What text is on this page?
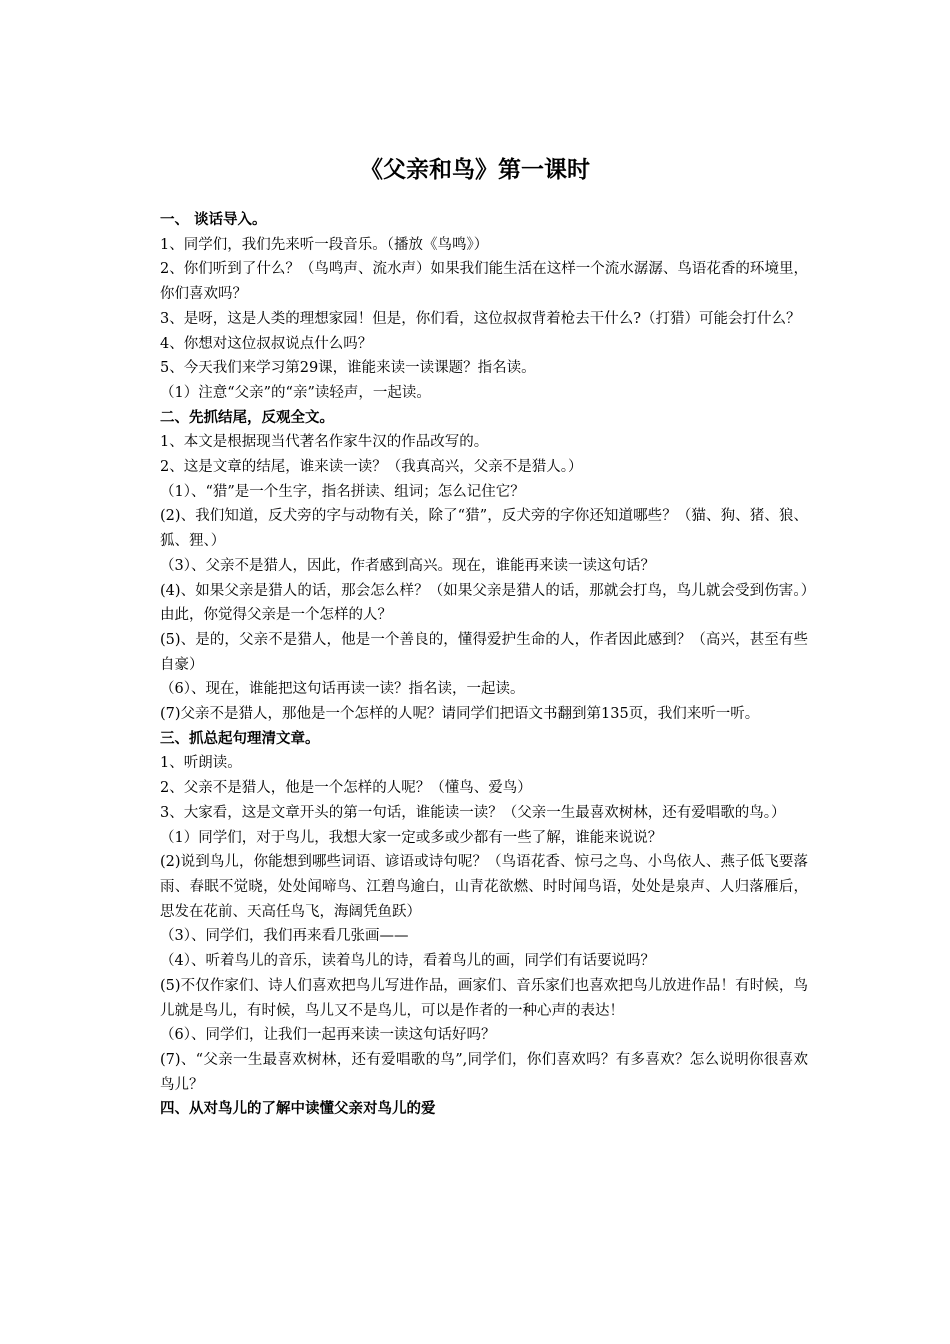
《父亲和鸟》第一课时

一、 谈话导入。

1、同学们，我们先来听一段音乐。（播放《鸟鸣》）

2、你们听到了什么？（鸟鸣声、流水声）如果我们能生活在这样一个流水潺潺、鸟语花香的环境里，你们喜欢吗？

3、是呀，这是人类的理想家园！但是，你们看，这位叔叔背着枪去干什么?（打猎）可能会打什么？

4、你想对这位叔叔说点什么吗？

5、今天我们来学习第29课，谁能来读一读课题？指名读。

（1）注意“父亲”的“亲”读轻声，一起读。

二、先抓结尾，反观全文。

1、本文是根据现当代著名作家牛汉的作品改写的。

2、这是文章的结尾，谁来读一读？（我真高兴，父亲不是猎人。）

（1）、“猎”是一个生字，指名拼读、组词；怎么记住它？

(2)、我们知道，反犬旁的字与动物有关，除了“猎”，反犬旁的字你还知道哪些？（猫、狗、猪、狼、狐、狸、）

（3）、父亲不是猎人，因此，作者感到高兴。现在，谁能再来读一读这句话？

(4)、如果父亲是猎人的话，那会怎么样？（如果父亲是猎人的话，那就会打鸟，鸟儿就会受到伤害。）由此，你觉得父亲是一个怎样的人？

(5)、是的，父亲不是猎人，他是一个善良的，懂得爱护生命的人，作者因此感到？（高兴，甚至有些自豪）

（6）、现在，谁能把这句话再读一读？指名读，一起读。

(7)父亲不是猎人，那他是一个怎样的人呢？请同学们把语文书翻到第135页，我们来听一听。

三、抓总起句理清文章。

1、听朗读。

2、父亲不是猎人，他是一个怎样的人呢？（懂鸟、爱鸟）

3、大家看，这是文章开头的第一句话，谁能读一读？（父亲一生最喜欢树林，还有爱唱歌的鸟。）

（1）同学们，对于鸟儿，我想大家一定或多或少都有一些了解，谁能来说说？

(2)说到鸟儿，你能想到哪些词语、谚语或诗句呢？（鸟语花香、惊弓之鸟、小鸟依人、燕子低飞要落雨、春眠不觉晓，处处闻啼鸟、江碧鸟逾白，山青花欲燃、时时闻鸟语，处处是泉声、人归落雁后，思发在花前、天高任鸟飞，海阔凭鱼跃）

（3）、同学们，我们再来看几张画——

（4）、听着鸟儿的音乐，读着鸟儿的诗，看着鸟儿的画，同学们有话要说吗？

(5)不仅作家们、诗人们喜欢把鸟儿写进作品，画家们、音乐家们也喜欢把鸟儿放进作品！有时候，鸟儿就是鸟儿，有时候，鸟儿又不是鸟儿，可以是作者的一种心声的表达！

（6）、同学们，让我们一起再来读一读这句话好吗？

(7)、“父亲一生最喜欢树林，还有爱唱歌的鸟”,同学们，你们喜欢吗？有多喜欢？怎么说明你很喜欢鸟儿？

四、从对鸟儿的了解中读懂父亲对鸟儿的爱
